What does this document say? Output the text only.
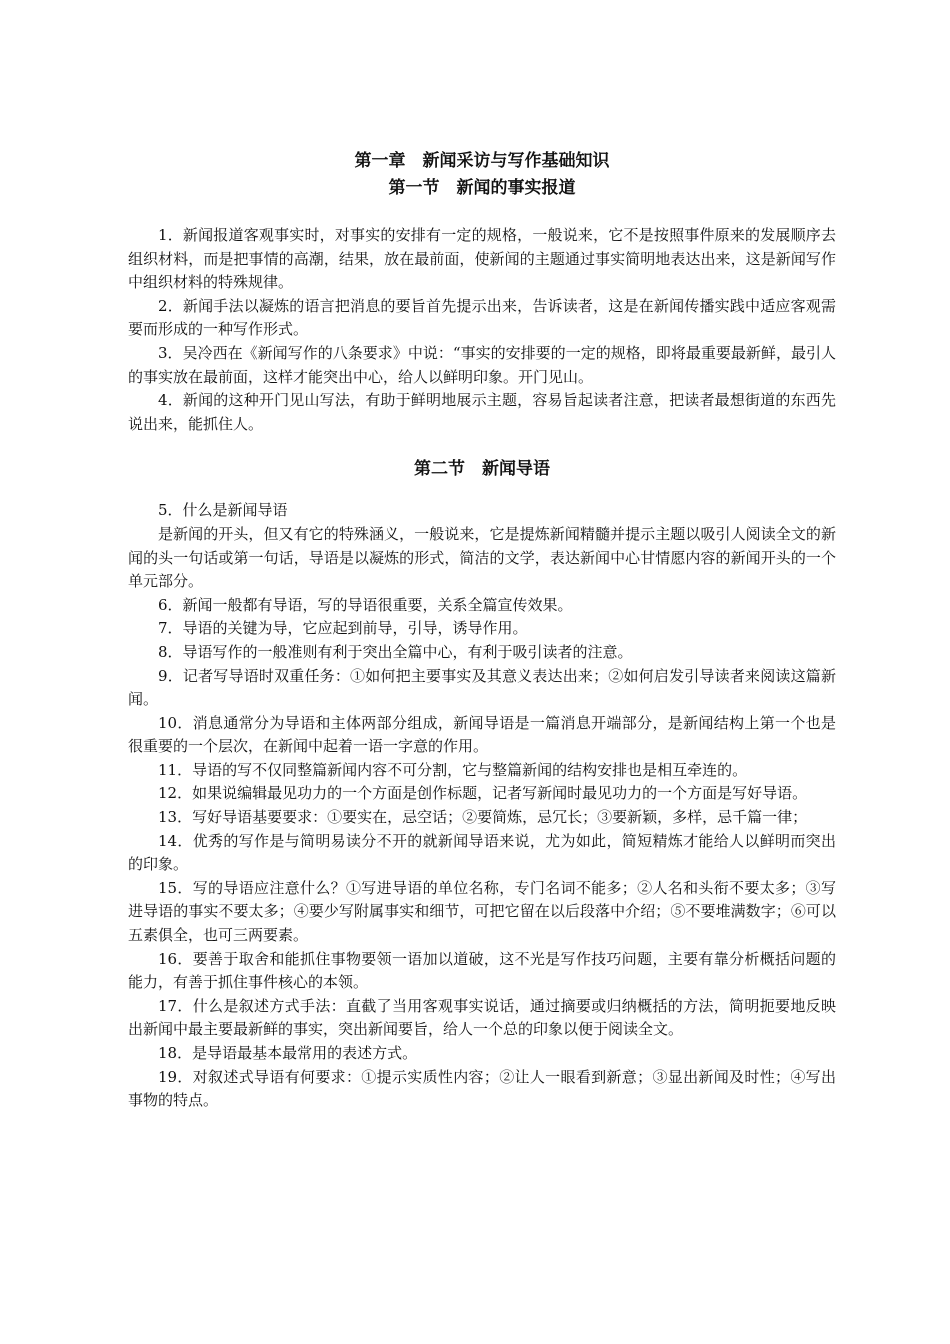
第一章　新闻采访与写作基础知识
第一节　新闻的事实报道

1．新闻报道客观事实时，对事实的安排有一定的规格，一般说来，它不是按照事件原来的发展顺序去组织材料，而是把事情的高潮，结果，放在最前面，使新闻的主题通过事实简明地表达出来，这是新闻写作中组织材料的特殊规律。

2．新闻手法以凝炼的语言把消息的要旨首先提示出来，告诉读者，这是在新闻传播实践中适应客观需要而形成的一种写作形式。

3．吴冷西在《新闻写作的八条要求》中说：“事实的安排要的一定的规格，即将最重要最新鲜，最引人的事实放在最前面，这样才能突出中心，给人以鲜明印象。开门见山。

4．新闻的这种开门见山写法，有助于鲜明地展示主题，容易旨起读者注意，把读者最想街道的东西先说出来，能抓住人。

第二节　新闻导语

5．什么是新闻导语

是新闻的开头，但又有它的特殊涵义，一般说来，它是提炼新闻精髓并提示主题以吸引人阅读全文的新闻的头一句话或第一句话，导语是以凝炼的形式，简洁的文学，表达新闻中心甘情愿内容的新闻开头的一个单元部分。

6．新闻一般都有导语，写的导语很重要，关系全篇宣传效果。

7．导语的关键为导，它应起到前导，引导，诱导作用。

8．导语写作的一般准则有利于突出全篇中心，有利于吸引读者的注意。

9．记者写导语时双重任务：①如何把主要事实及其意义表达出来；②如何启发引导读者来阅读这篇新闻。

10．消息通常分为导语和主体两部分组成，新闻导语是一篇消息开端部分，是新闻结构上第一个也是很重要的一个层次，在新闻中起着一语一字意的作用。

11．导语的写不仅同整篇新闻内容不可分割，它与整篇新闻的结构安排也是相互牵连的。

12．如果说编辑最见功力的一个方面是创作标题，记者写新闻时最见功力的一个方面是写好导语。

13．写好导语基要要求：①要实在，忌空话；②要简炼，忌冗长；③要新颖，多样，忌千篇一律；

14．优秀的写作是与简明易读分不开的就新闻导语来说，尤为如此，简短精炼才能给人以鲜明而突出的印象。

15．写的导语应注意什么？①写进导语的单位名称，专门名词不能多；②人名和头衔不要太多；③写进导语的事实不要太多；④要少写附属事实和细节，可把它留在以后段落中介绍；⑤不要堆满数字；⑥可以五素俱全，也可三两要素。

16．要善于取舍和能抓住事物要领一语加以道破，这不光是写作技巧问题，主要有靠分析概括问题的能力，有善于抓住事件核心的本领。

17．什么是叙述方式手法：直截了当用客观事实说话，通过摘要或归纳概括的方法，简明扼要地反映出新闻中最主要最新鲜的事实，突出新闻要旨，给人一个总的印象以便于阅读全文。

18．是导语最基本最常用的表述方式。

19．对叙述式导语有何要求：①提示实质性内容；②让人一眼看到新意；③显出新闻及时性；④写出事物的特点。
